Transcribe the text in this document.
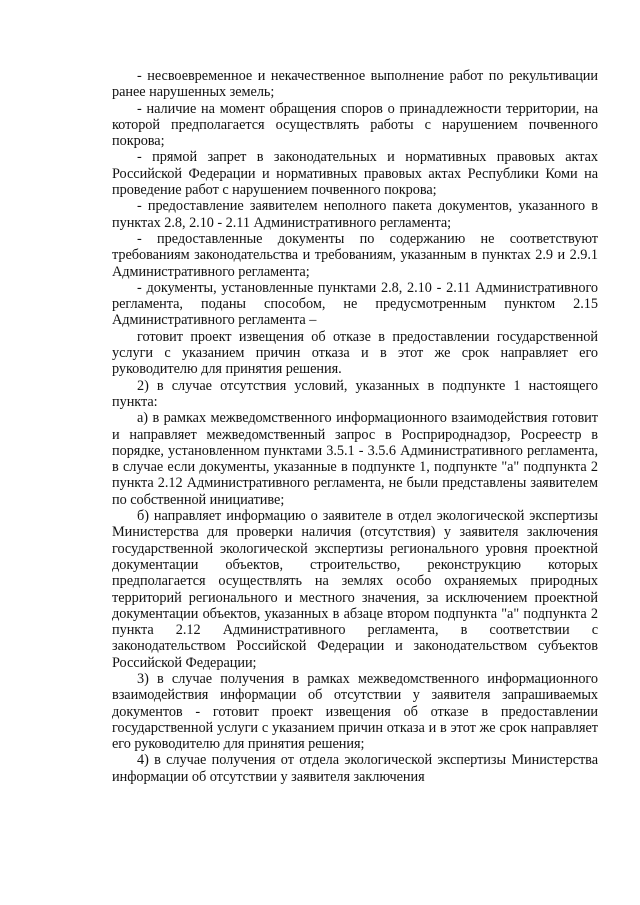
- несвоевременное и некачественное выполнение работ по рекультивации ранее нарушенных земель;

- наличие на момент обращения споров о принадлежности территории, на которой предполагается осуществлять работы с нарушением почвенного покрова;

- прямой запрет в законодательных и нормативных правовых актах Российской Федерации и нормативных правовых актах Республики Коми на проведение работ с нарушением почвенного покрова;

- предоставление заявителем неполного пакета документов, указанного в пунктах 2.8, 2.10 - 2.11 Административного регламента;

- предоставленные документы по содержанию не соответствуют требованиям законодательства и требованиям, указанным в пунктах 2.9 и 2.9.1 Административного регламента;

- документы, установленные пунктами 2.8, 2.10 - 2.11 Административного регламента, поданы способом, не предусмотренным пунктом 2.15 Административного регламента –

готовит проект извещения об отказе в предоставлении государственной услуги с указанием причин отказа и в этот же срок направляет его руководителю для принятия решения.

2) в случае отсутствия условий, указанных в подпункте 1 настоящего пункта:

а) в рамках межведомственного информационного взаимодействия готовит и направляет межведомственный запрос в Росприроднадзор, Росреестр в порядке, установленном пунктами 3.5.1 - 3.5.6 Административного регламента, в случае если документы, указанные в подпункте 1, подпункте "а" подпункта 2 пункта 2.12 Административного регламента, не были представлены заявителем по собственной инициативе;

б) направляет информацию о заявителе в отдел экологической экспертизы Министерства для проверки наличия (отсутствия) у заявителя заключения государственной экологической экспертизы регионального уровня проектной документации объектов, строительство, реконструкцию которых предполагается осуществлять на землях особо охраняемых природных территорий регионального и местного значения, за исключением проектной документации объектов, указанных в абзаце втором подпункта "а" подпункта 2 пункта 2.12 Административного регламента, в соответствии с законодательством Российской Федерации и законодательством субъектов Российской Федерации;

3) в случае получения в рамках межведомственного информационного взаимодействия информации об отсутствии у заявителя запрашиваемых документов - готовит проект извещения об отказе в предоставлении государственной услуги с указанием причин отказа и в этот же срок направляет его руководителю для принятия решения;

4) в случае получения от отдела экологической экспертизы Министерства информации об отсутствии у заявителя заключения
